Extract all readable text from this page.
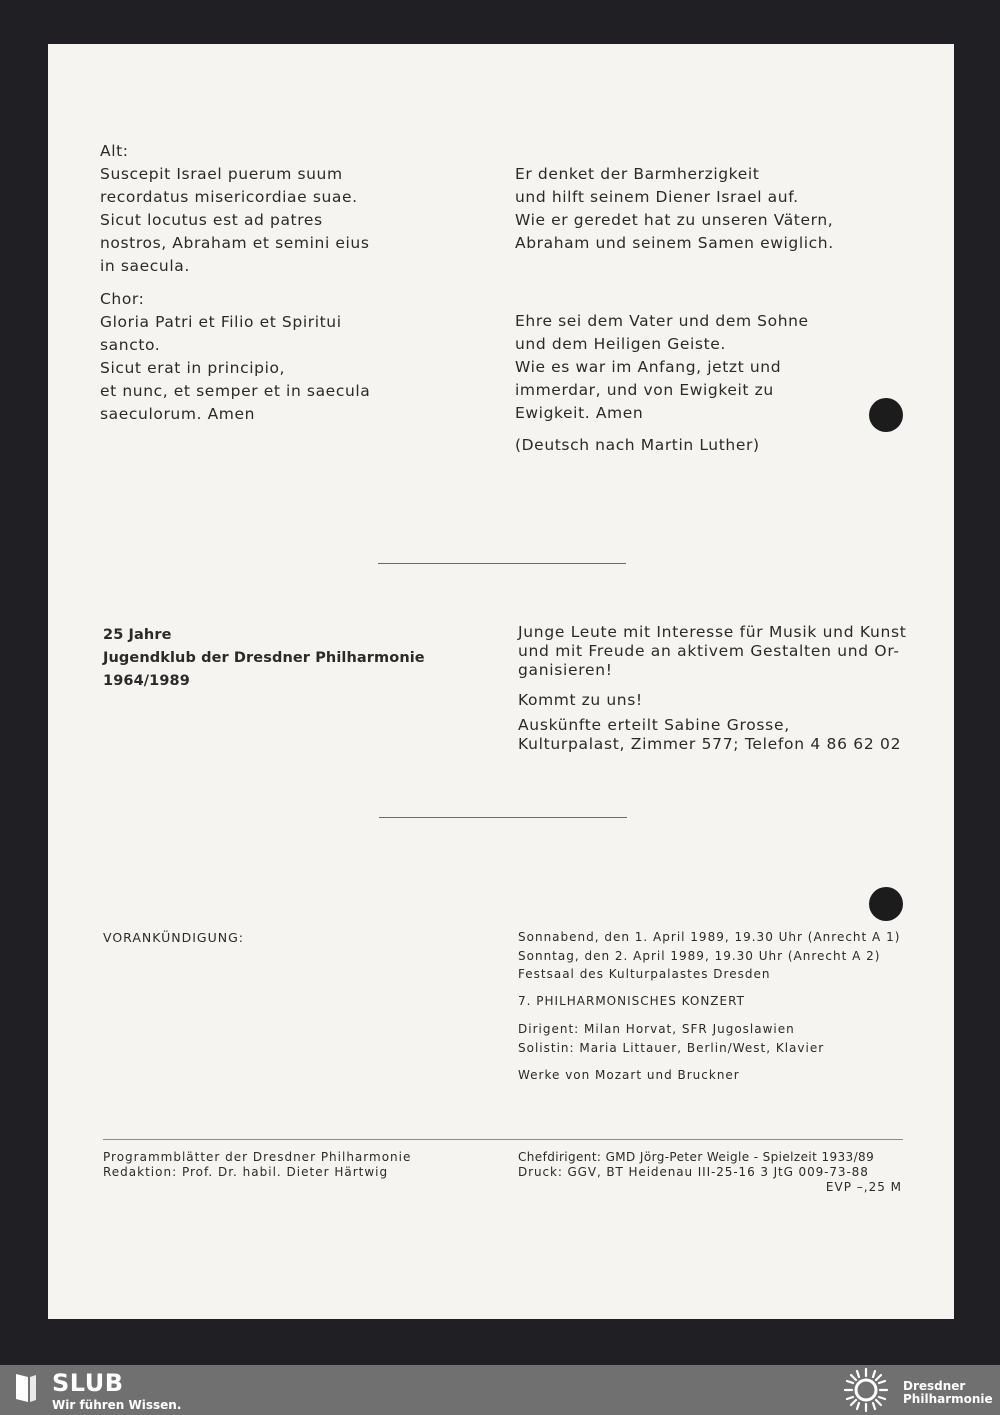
Alt:
Suscepit Israel puerum suum
recordatus misericordiae suae.
Sicut locutus est ad patres
nostros, Abraham et semini eius
in saecula.
Er denket der Barmherzigkeit
und hilft seinem Diener Israel auf.
Wie er geredet hat zu unseren Vätern,
Abraham und seinem Samen ewiglich.
Chor:
Gloria Patri et Filio et Spiritui
sancto.
Sicut erat in principio,
et nunc, et semper et in saecula
saeculorum. Amen
Ehre sei dem Vater und dem Sohne
und dem Heiligen Geiste.
Wie es war im Anfang, jetzt und
immerdar, und von Ewigkeit zu
Ewigkeit. Amen
(Deutsch nach Martin Luther)
25 Jahre
Jugendklub der Dresdner Philharmonie
1964/1989
Junge Leute mit Interesse für Musik und Kunst
und mit Freude an aktivem Gestalten und Or-
ganisieren!
Kommt zu uns!
Auskünfte erteilt Sabine Grosse,
Kulturpalast, Zimmer 577; Telefon 4 86 62 02
VORANKÜNDIGUNG:	Sonnabend, den 1. April 1989, 19.30 Uhr (Anrecht A 1)
Sonntag, den 2. April 1989, 19.30 Uhr (Anrecht A 2)
Festsaal des Kulturpalastes Dresden
7. PHILHARMONISCHES KONZERT
Dirigent: Milan Horvat, SFR Jugoslawien
Solistin: Maria Littauer, Berlin/West, Klavier
Werke von Mozart und Bruckner
Programmblätter der Dresdner Philharmonie
Redaktion: Prof. Dr. habil. Dieter Härtwig
Chefdirigent: GMD Jörg-Peter Weigle - Spielzeit 1933/89
Druck: GGV, BT Heidenau III-25-16 3 JtG 009-73-88
EVP –,25 M
SLUB
Wir führen Wissen.
Dresdner
Philharmonie
